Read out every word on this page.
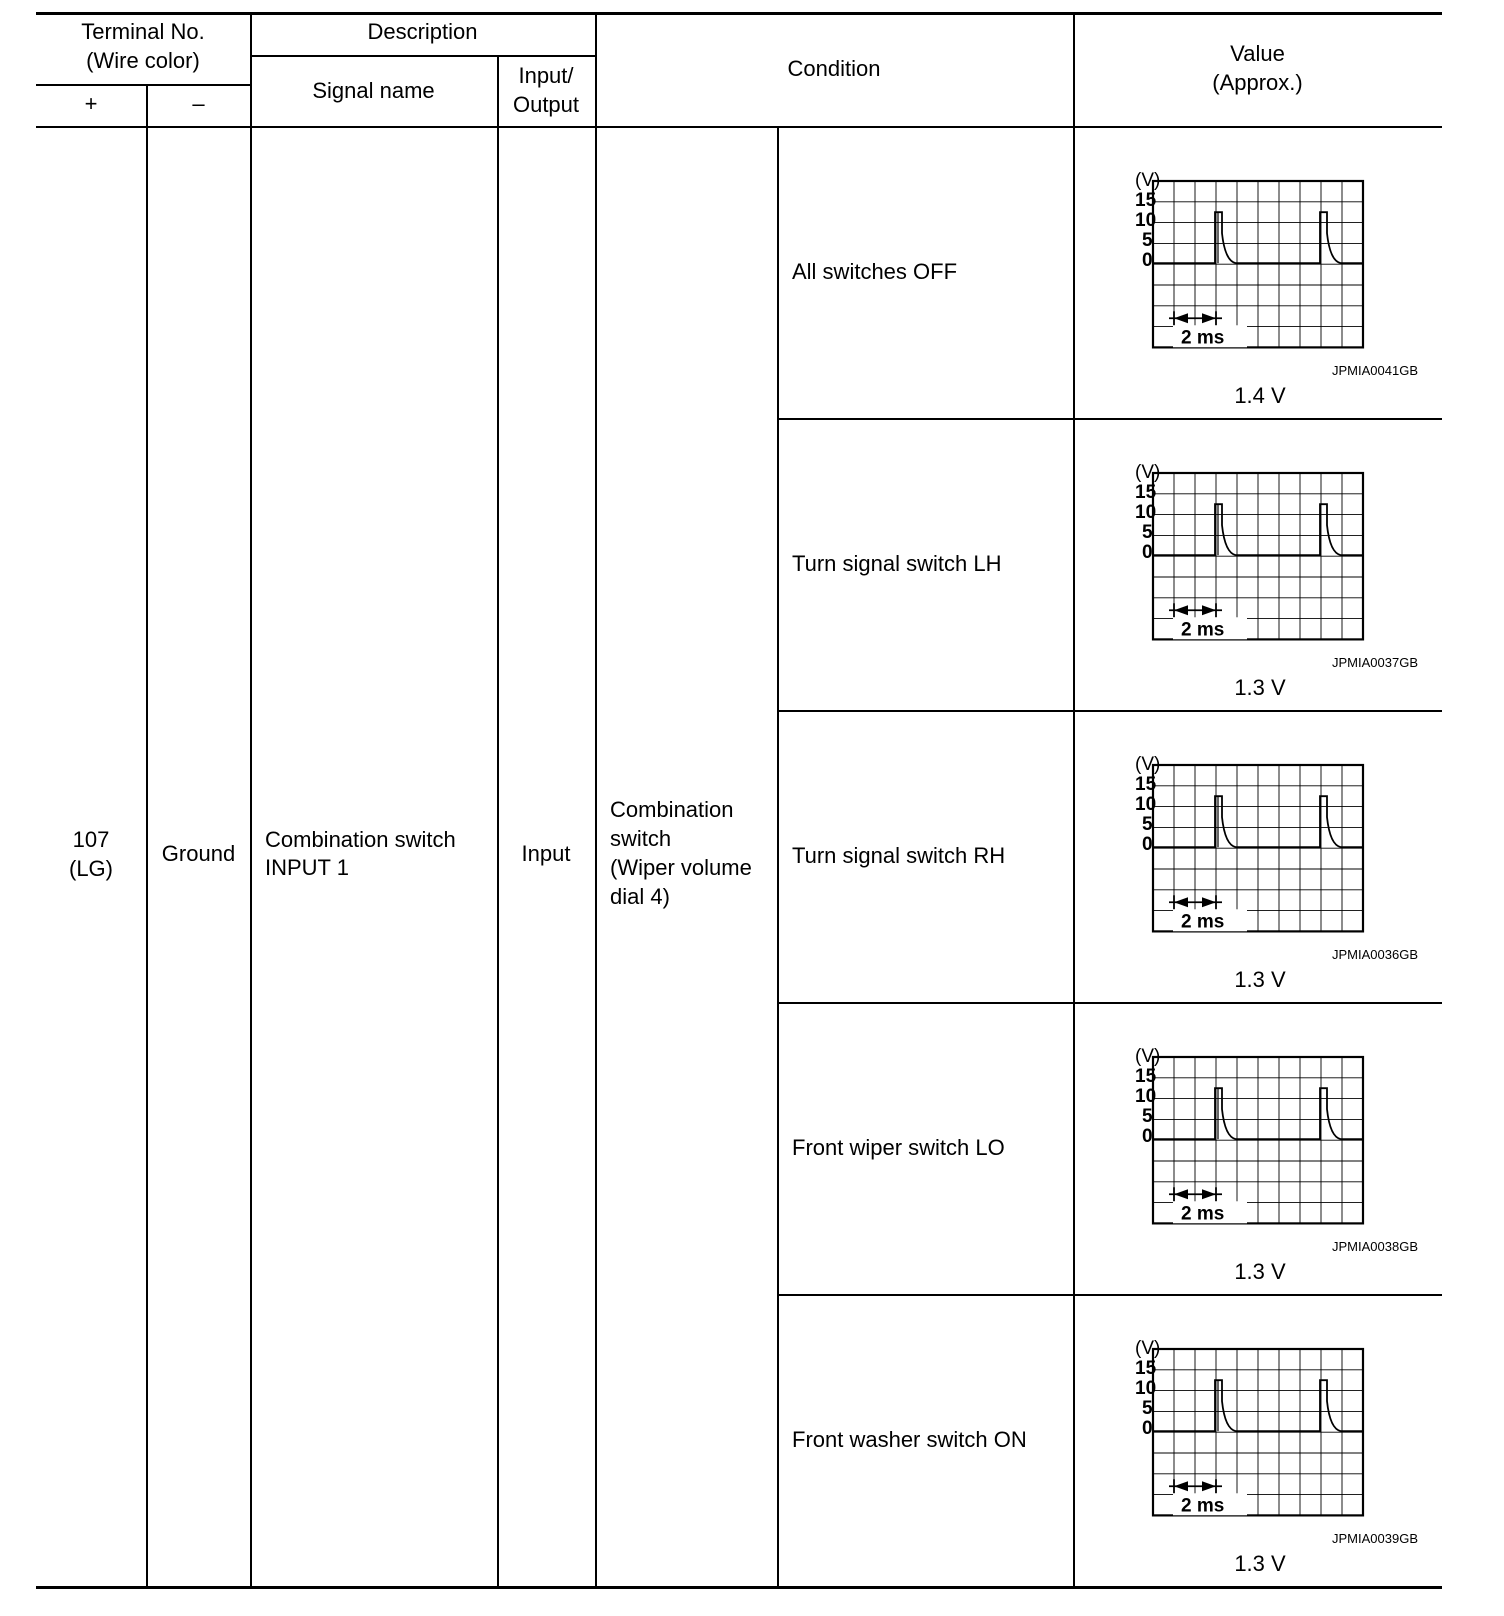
Terminal No.
(Wire color)
+	–
Description
Signal name
Input/
Output
Condition
Value
(Approx.)
107
(LG)
Ground
Combination switch
INPUT 1
Input
Combination
switch
(Wiper volume
dial 4)
All switches OFF
(V)
15
10
5
0
2 ms
JPMIA0041GB
1.4 V
Turn signal switch LH
(V)
15
10
5
0
2 ms
JPMIA0037GB
1.3 V
Turn signal switch RH
(V)
15
10
5
0
2 ms
JPMIA0036GB
1.3 V
Front wiper switch LO
(V)
15
10
5
0
2 ms
JPMIA0038GB
1.3 V
Front washer switch ON
(V)
15
10
5
0
2 ms
JPMIA0039GB
1.3 V
